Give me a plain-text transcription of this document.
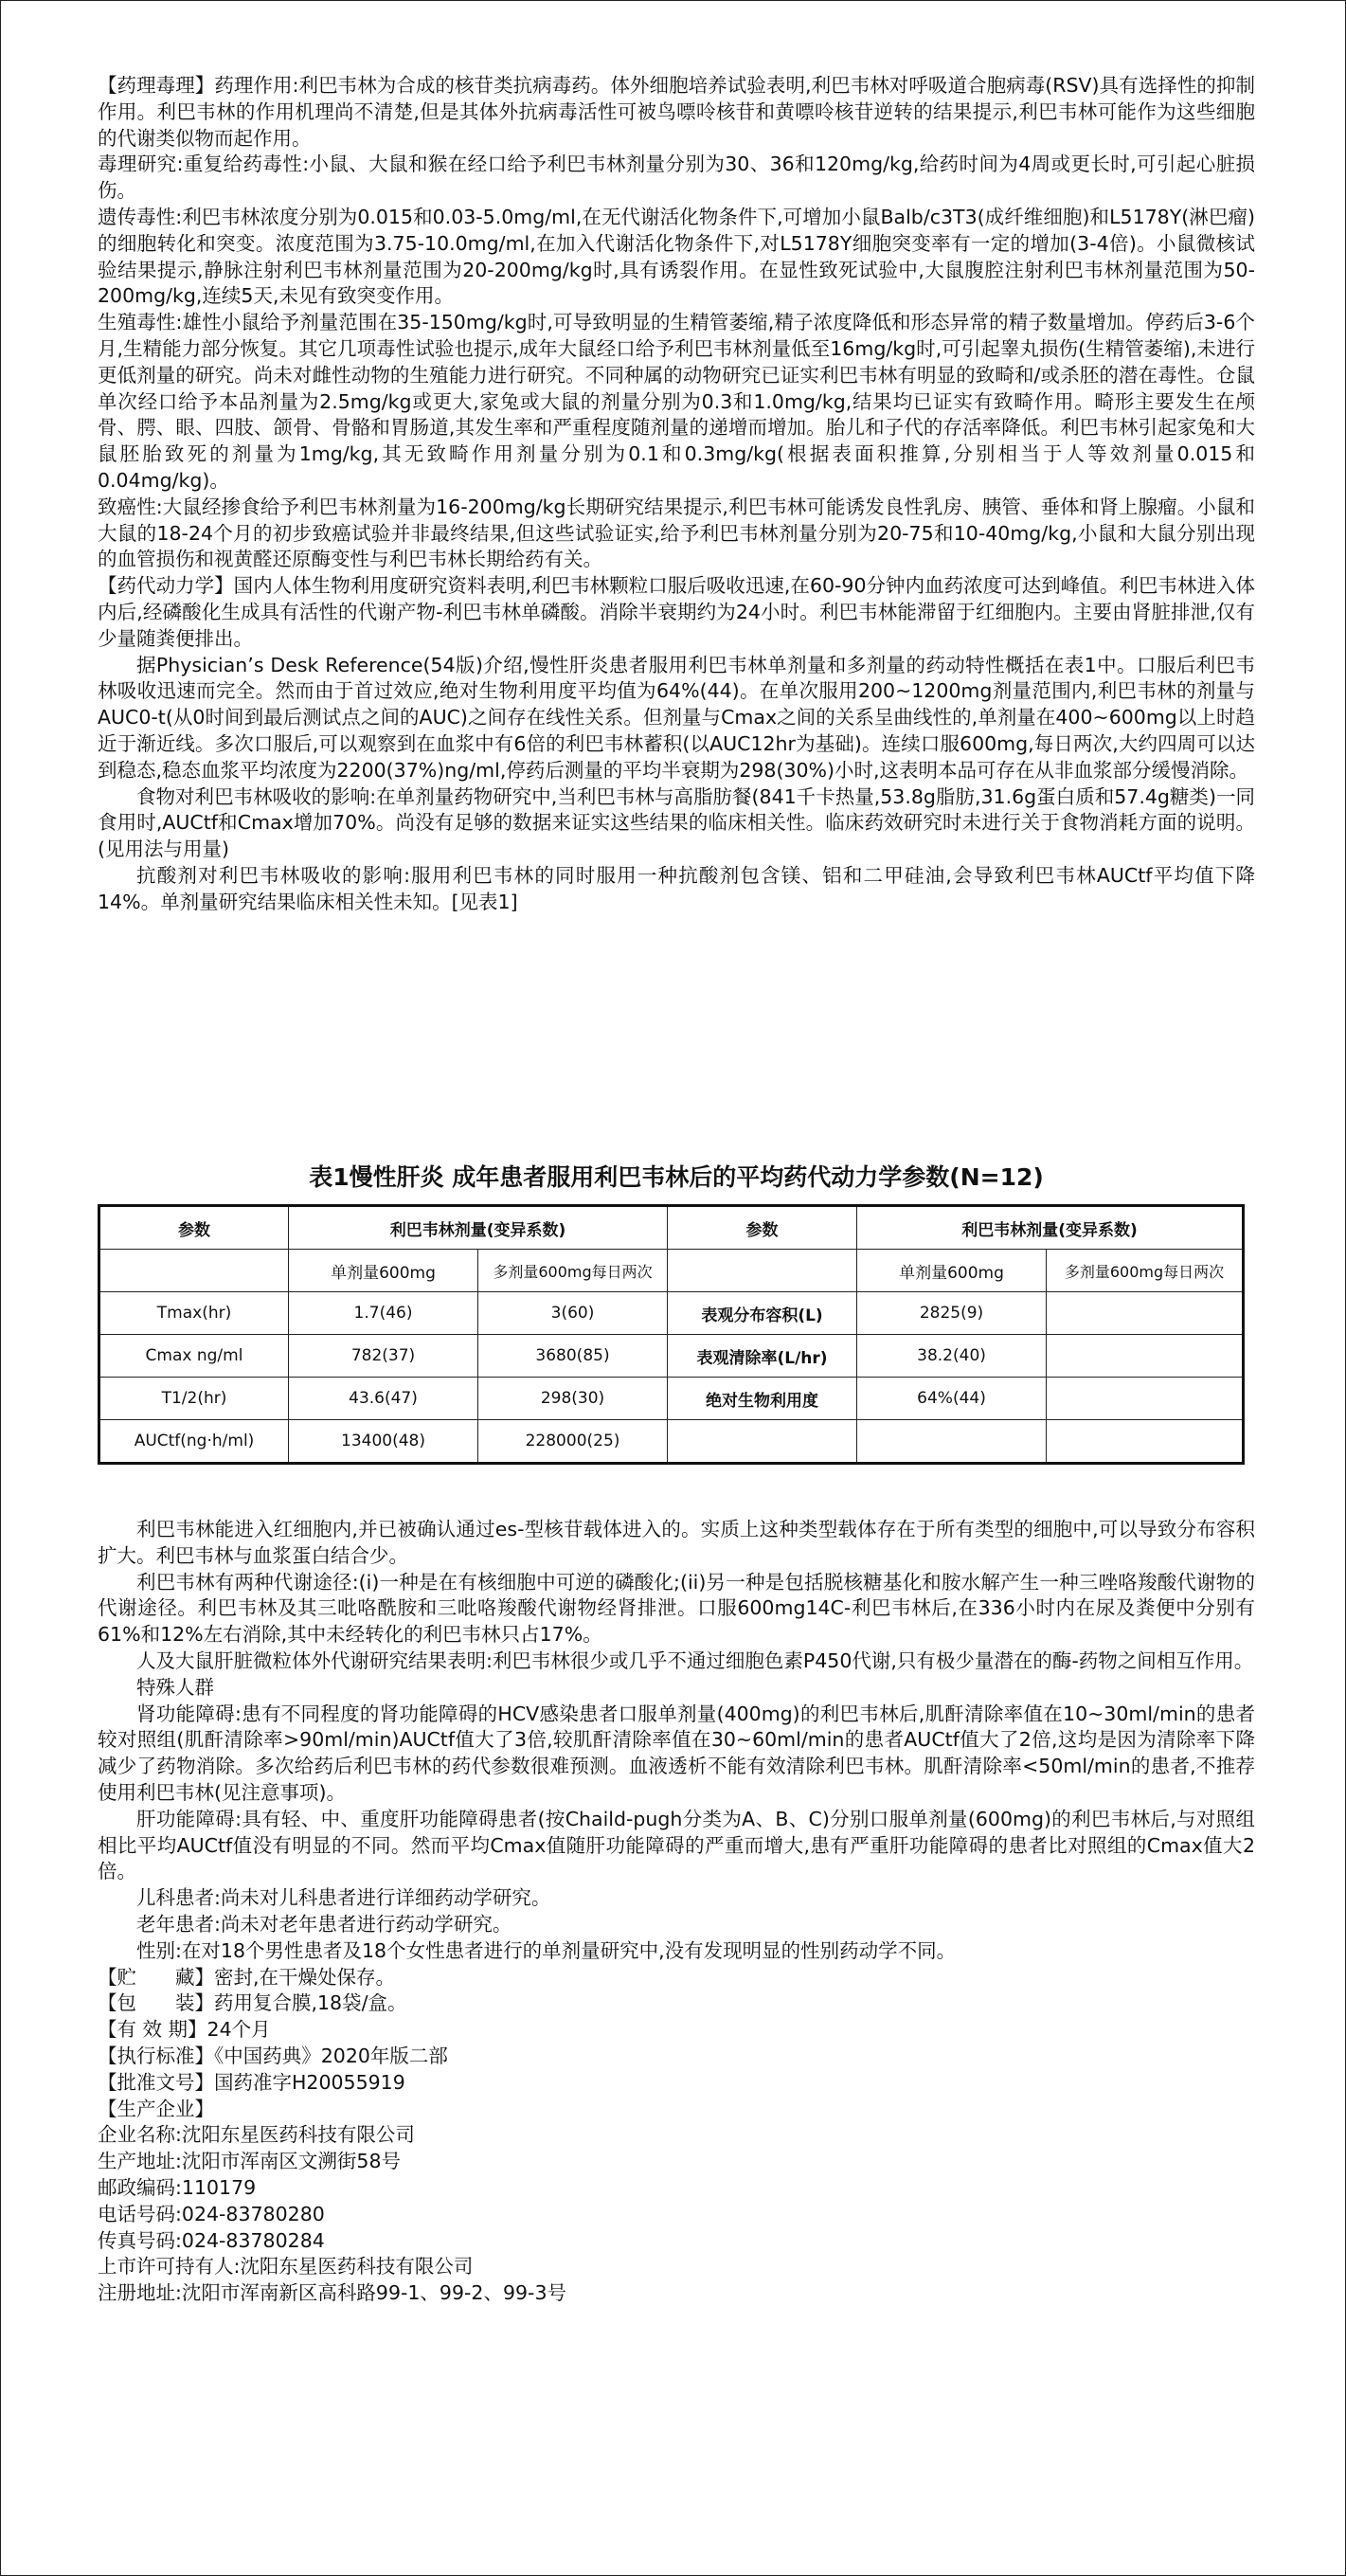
【药理毒理】药理作用:利巴韦林为合成的核苷类抗病毒药。体外细胞培养试验表明,利巴韦林对呼吸道合胞病毒(RSV)具有选择性的抑制作用。利巴韦林的作用机理尚不清楚,但是其体外抗病毒活性可被鸟嘌呤核苷和黄嘌呤核苷逆转的结果提示,利巴韦林可能作为这些细胞的代谢类似物而起作用。

毒理研究:重复给药毒性:小鼠、大鼠和猴在经口给予利巴韦林剂量分别为30、36和120mg/kg,给药时间为4周或更长时,可引起心脏损伤。

遗传毒性:利巴韦林浓度分别为0.015和0.03-5.0mg/ml,在无代谢活化物条件下,可增加小鼠Balb/c3T3(成纤维细胞)和L5178Y(淋巴瘤)的细胞转化和突变。浓度范围为3.75-10.0mg/ml,在加入代谢活化物条件下,对L5178Y细胞突变率有一定的增加(3-4倍)。小鼠微核试验结果提示,静脉注射利巴韦林剂量范围为20-200mg/kg时,具有诱裂作用。在显性致死试验中,大鼠腹腔注射利巴韦林剂量范围为50-200mg/kg,连续5天,未见有致突变作用。

生殖毒性:雄性小鼠给予剂量范围在35-150mg/kg时,可导致明显的生精管萎缩,精子浓度降低和形态异常的精子数量增加。停药后3-6个月,生精能力部分恢复。其它几项毒性试验也提示,成年大鼠经口给予利巴韦林剂量低至16mg/kg时,可引起睾丸损伤(生精管萎缩),未进行更低剂量的研究。尚未对雌性动物的生殖能力进行研究。不同种属的动物研究已证实利巴韦林有明显的致畸和/或杀胚的潜在毒性。仓鼠单次经口给予本品剂量为2.5mg/kg或更大,家兔或大鼠的剂量分别为0.3和1.0mg/kg,结果均已证实有致畸作用。畸形主要发生在颅骨、腭、眼、四肢、颌骨、骨骼和胃肠道,其发生率和严重程度随剂量的递增而增加。胎儿和子代的存活率降低。利巴韦林引起家兔和大鼠胚胎致死的剂量为1mg/kg,其无致畸作用剂量分别为0.1和0.3mg/kg(根据表面积推算,分别相当于人等效剂量0.015和0.04mg/kg)。

致癌性:大鼠经掺食给予利巴韦林剂量为16-200mg/kg长期研究结果提示,利巴韦林可能诱发良性乳房、胰管、垂体和肾上腺瘤。小鼠和大鼠的18-24个月的初步致癌试验并非最终结果,但这些试验证实,给予利巴韦林剂量分别为20-75和10-40mg/kg,小鼠和大鼠分别出现的血管损伤和视黄醛还原酶变性与利巴韦林长期给药有关。

【药代动力学】国内人体生物利用度研究资料表明,利巴韦林颗粒口服后吸收迅速,在60-90分钟内血药浓度可达到峰值。利巴韦林进入体内后,经磷酸化生成具有活性的代谢产物-利巴韦林单磷酸。消除半衰期约为24小时。利巴韦林能滞留于红细胞内。主要由肾脏排泄,仅有少量随粪便排出。

据Physician’s Desk Reference(54版)介绍,慢性肝炎患者服用利巴韦林单剂量和多剂量的药动特性概括在表1中。口服后利巴韦林吸收迅速而完全。然而由于首过效应,绝对生物利用度平均值为64%(44)。在单次服用200~1200mg剂量范围内,利巴韦林的剂量与AUC0-t(从0时间到最后测试点之间的AUC)之间存在线性关系。但剂量与Cmax之间的关系呈曲线性的,单剂量在400~600mg以上时趋近于渐近线。多次口服后,可以观察到在血浆中有6倍的利巴韦林蓄积(以AUC12hr为基础)。连续口服600mg,每日两次,大约四周可以达到稳态,稳态血浆平均浓度为2200(37%)ng/ml,停药后测量的平均半衰期为298(30%)小时,这表明本品可存在从非血浆部分缓慢消除。

食物对利巴韦林吸收的影响:在单剂量药物研究中,当利巴韦林与高脂肪餐(841千卡热量,53.8g脂肪,31.6g蛋白质和57.4g糖类)一同食用时,AUCtf和Cmax增加70%。尚没有足够的数据来证实这些结果的临床相关性。临床药效研究时未进行关于食物消耗方面的说明。(见用法与用量)

抗酸剂对利巴韦林吸收的影响:服用利巴韦林的同时服用一种抗酸剂包含镁、铝和二甲硅油,会导致利巴韦林AUCtf平均值下降14%。单剂量研究结果临床相关性未知。[见表1]

表1慢性肝炎 成年患者服用利巴韦林后的平均药代动力学参数(N=12)
参数	利巴韦林剂量(变异系数)		参数	利巴韦林剂量(变异系数)	
	单剂量600mg	多剂量600mg每日两次		单剂量600mg	多剂量600mg每日两次
Tmax(hr)	1.7(46)	3(60)	表观分布容积(L)	2825(9)	
Cmax ng/ml	782(37)	3680(85)	表观清除率(L/hr)	38.2(40)	
T1/2(hr)	43.6(47)	298(30)	绝对生物利用度	64%(44)	
AUCtf(ng·h/ml)	13400(48)	228000(25)			

利巴韦林能进入红细胞内,并已被确认通过es-型核苷载体进入的。实质上这种类型载体存在于所有类型的细胞中,可以导致分布容积扩大。利巴韦林与血浆蛋白结合少。

利巴韦林有两种代谢途径:(i)一种是在有核细胞中可逆的磷酸化;(ii)另一种是包括脱核糖基化和胺水解产生一种三唑咯羧酸代谢物的代谢途径。利巴韦林及其三吡咯酰胺和三吡咯羧酸代谢物经肾排泄。口服600mg14C-利巴韦林后,在336小时内在尿及粪便中分别有61%和12%左右消除,其中未经转化的利巴韦林只占17%。

人及大鼠肝脏微粒体外代谢研究结果表明:利巴韦林很少或几乎不通过细胞色素P450代谢,只有极少量潜在的酶-药物之间相互作用。

特殊人群

肾功能障碍:患有不同程度的肾功能障碍的HCV感染患者口服单剂量(400mg)的利巴韦林后,肌酐清除率值在10~30ml/min的患者较对照组(肌酐清除率>90ml/min)AUCtf值大了3倍,较肌酐清除率值在30~60ml/min的患者AUCtf值大了2倍,这均是因为清除率下降减少了药物消除。多次给药后利巴韦林的药代参数很难预测。血液透析不能有效清除利巴韦林。肌酐清除率<50ml/min的患者,不推荐使用利巴韦林(见注意事项)。

肝功能障碍:具有轻、中、重度肝功能障碍患者(按Chaild-pugh分类为A、B、C)分别口服单剂量(600mg)的利巴韦林后,与对照组相比平均AUCtf值没有明显的不同。然而平均Cmax值随肝功能障碍的严重而增大,患有严重肝功能障碍的患者比对照组的Cmax值大2倍。

儿科患者:尚未对儿科患者进行详细药动学研究。

老年患者:尚未对老年患者进行药动学研究。

性别:在对18个男性患者及18个女性患者进行的单剂量研究中,没有发现明显的性别药动学不同。

【贮　　藏】密封,在干燥处保存。

【包　　装】药用复合膜,18袋/盒。

【有 效 期】24个月

【执行标准】《中国药典》2020年版二部

【批准文号】国药准字H20055919

【生产企业】

企业名称:沈阳东星医药科技有限公司

生产地址:沈阳市浑南区文溯街58号

邮政编码:110179

电话号码:024-83780280

传真号码:024-83780284

上市许可持有人:沈阳东星医药科技有限公司

注册地址:沈阳市浑南新区高科路99-1、99-2、99-3号
